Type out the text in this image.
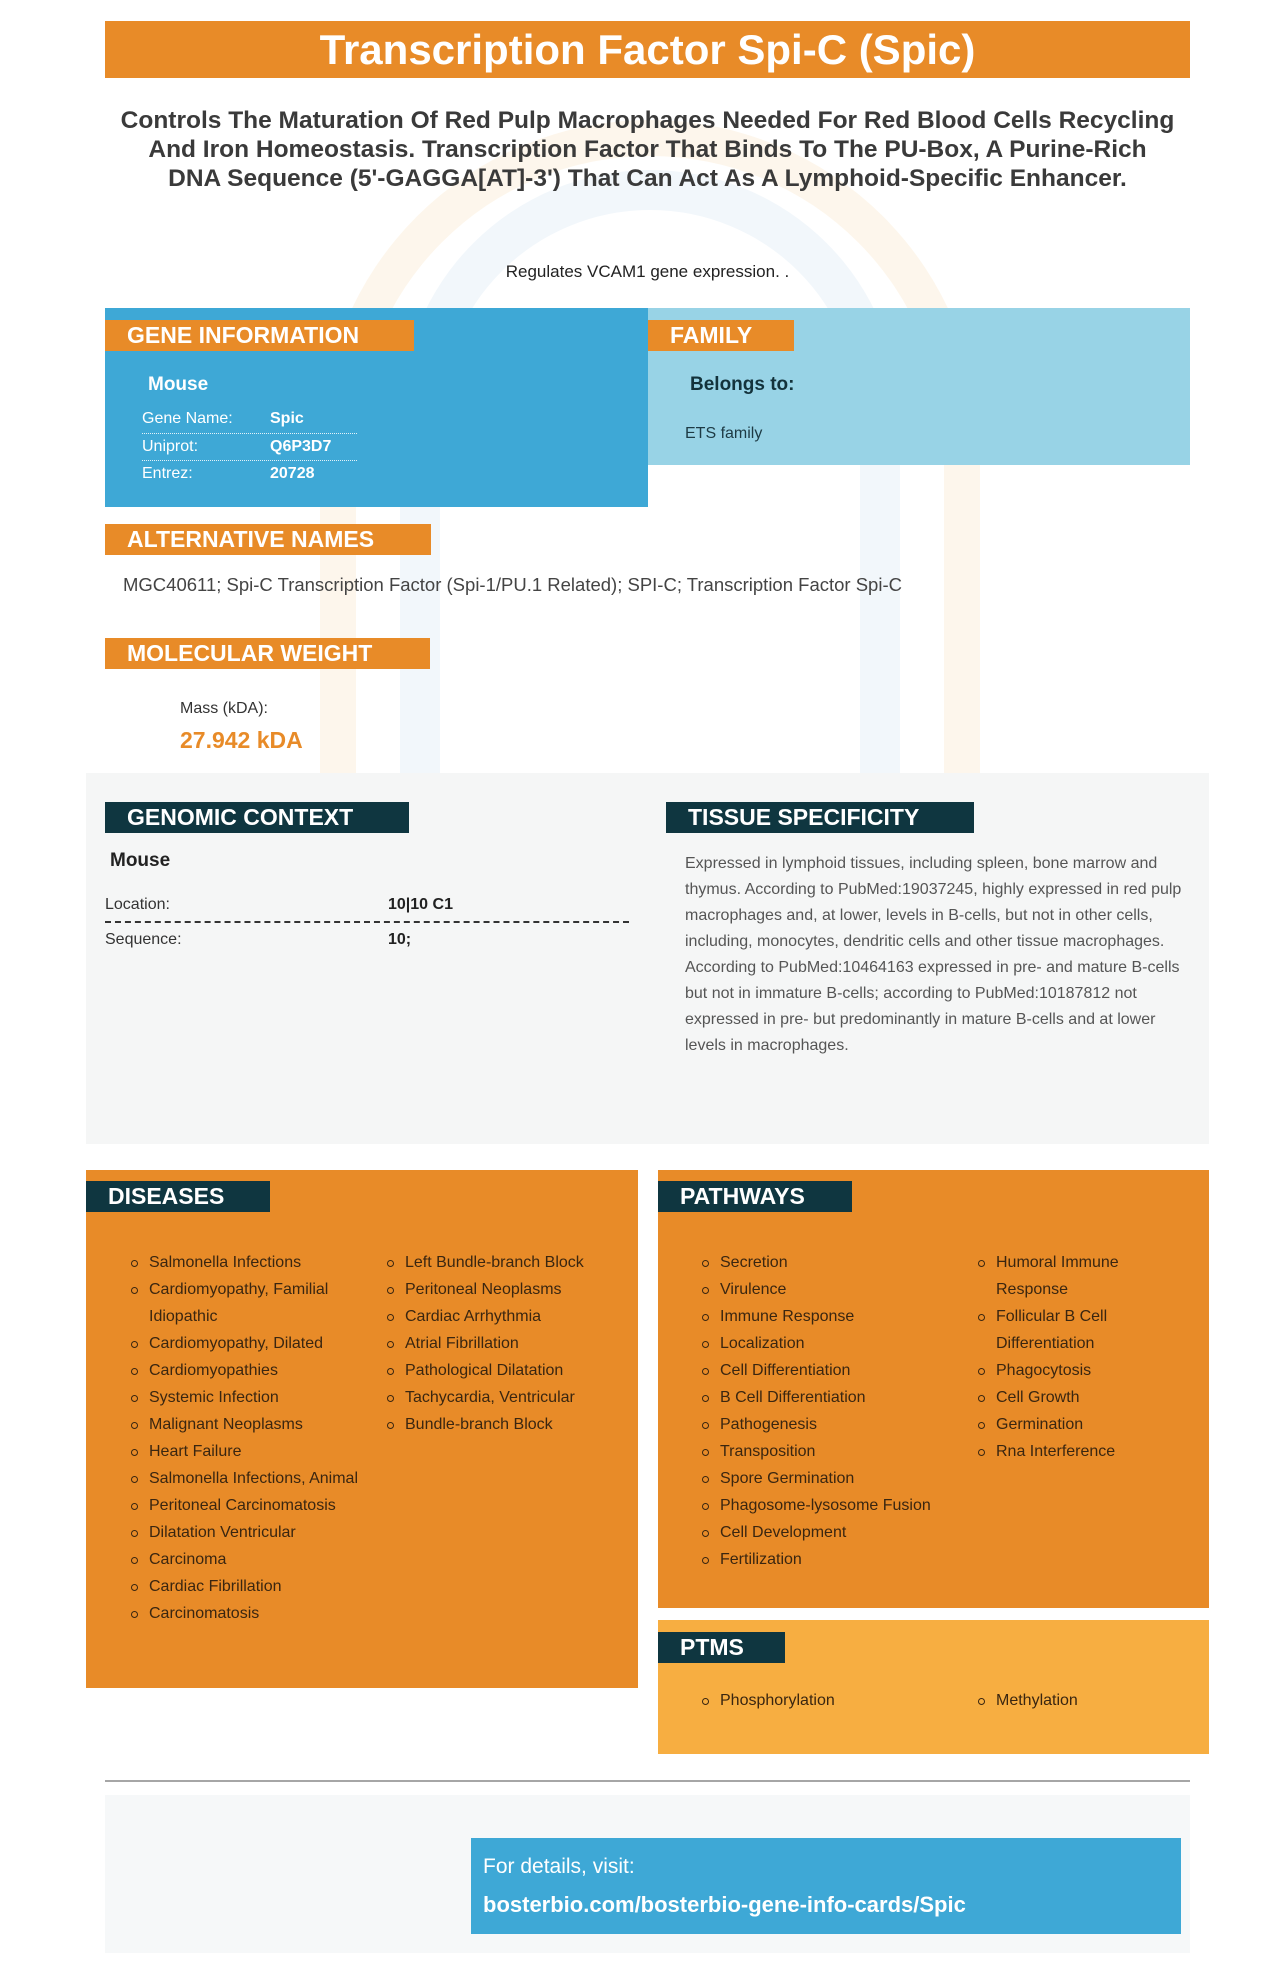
Transcription Factor Spi-C (Spic)
Controls The Maturation Of Red Pulp Macrophages Needed For Red Blood Cells Recycling And Iron Homeostasis. Transcription Factor That Binds To The PU-Box, A Purine-Rich DNA Sequence (5'-GAGGA[AT]-3') That Can Act As A Lymphoid-Specific Enhancer.
Regulates VCAM1 gene expression. .
GENE INFORMATION
Mouse
Gene Name:	Spic
Uniprot:	Q6P3D7
Entrez:	20728
FAMILY
Belongs to:
ETS family
ALTERNATIVE NAMES
MGC40611; Spi-C Transcription Factor (Spi-1/PU.1 Related); SPI-C; Transcription Factor Spi-C
MOLECULAR WEIGHT
Mass (kDA):
27.942 kDA
GENOMIC CONTEXT
Mouse
Location:	10|10 C1
Sequence:	10;
TISSUE SPECIFICITY
Expressed in lymphoid tissues, including spleen, bone marrow and thymus. According to PubMed:19037245, highly expressed in red pulp macrophages and, at lower, levels in B-cells, but not in other cells, including, monocytes, dendritic cells and other tissue macrophages. According to PubMed:10464163 expressed in pre- and mature B-cells but not in immature B-cells; according to PubMed:10187812 not expressed in pre- but predominantly in mature B-cells and at lower levels in macrophages.
DISEASES
Salmonella Infections
Cardiomyopathy, Familial Idiopathic
Cardiomyopathy, Dilated
Cardiomyopathies
Systemic Infection
Malignant Neoplasms
Heart Failure
Salmonella Infections, Animal
Peritoneal Carcinomatosis
Dilatation Ventricular
Carcinoma
Cardiac Fibrillation
Carcinomatosis
Left Bundle-branch Block
Peritoneal Neoplasms
Cardiac Arrhythmia
Atrial Fibrillation
Pathological Dilatation
Tachycardia, Ventricular
Bundle-branch Block
PATHWAYS
Secretion
Virulence
Immune Response
Localization
Cell Differentiation
B Cell Differentiation
Pathogenesis
Transposition
Spore Germination
Phagosome-lysosome Fusion
Cell Development
Fertilization
Humoral Immune Response
Follicular B Cell Differentiation
Phagocytosis
Cell Growth
Germination
Rna Interference
PTMS
Phosphorylation	Methylation
For details, visit:
bosterbio.com/bosterbio-gene-info-cards/Spic
